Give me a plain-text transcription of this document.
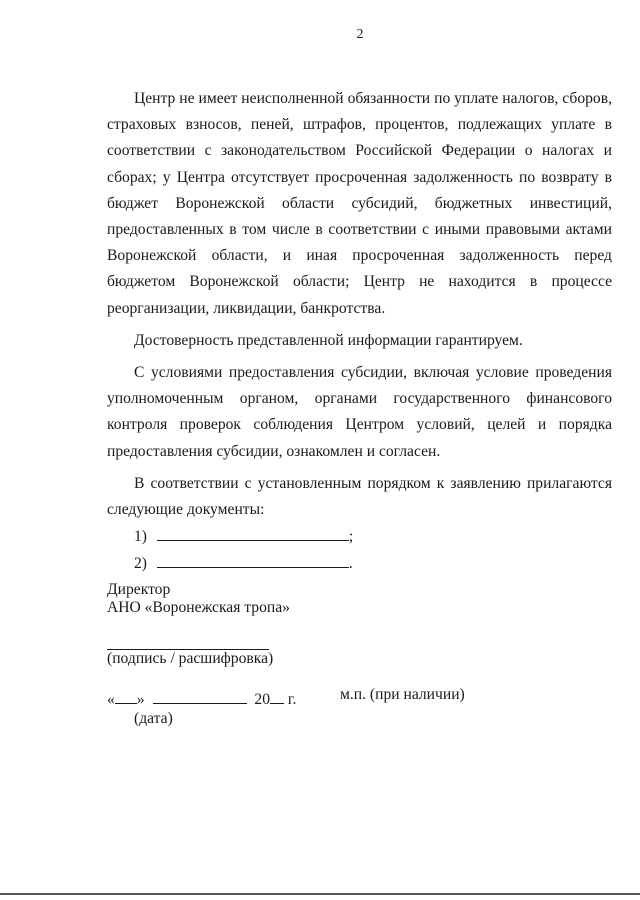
2

Центр не имеет неисполненной обязанности по уплате налогов, сборов, страховых взносов, пеней, штрафов, процентов, подлежащих уплате в соответствии с законодательством Российской Федерации о налогах и сборах; у Центра отсутствует просроченная задолженность по возврату в бюджет Воронежской области субсидий, бюджетных инвестиций, предоставленных в том числе в соответствии с иными правовыми актами Воронежской области, и иная просроченная задолженность перед бюджетом Воронежской области; Центр не находится в процессе реорганизации, ликвидации, банкротства.

Достоверность представленной информации гарантируем.

С условиями предоставления субсидии, включая условие проведения уполномоченным органом, органами государственного финансового контроля проверок соблюдения Центром условий, целей и порядка предоставления субсидии, ознакомлен и согласен.

В соответствии с установленным порядком к заявлению прилагаются следующие документы:

1)	;
2)	.
Директор
АНО «Воронежская тропа»
(подпись / расшифровка)
« »	20 г.	м.п. (при наличии)
(дата)
